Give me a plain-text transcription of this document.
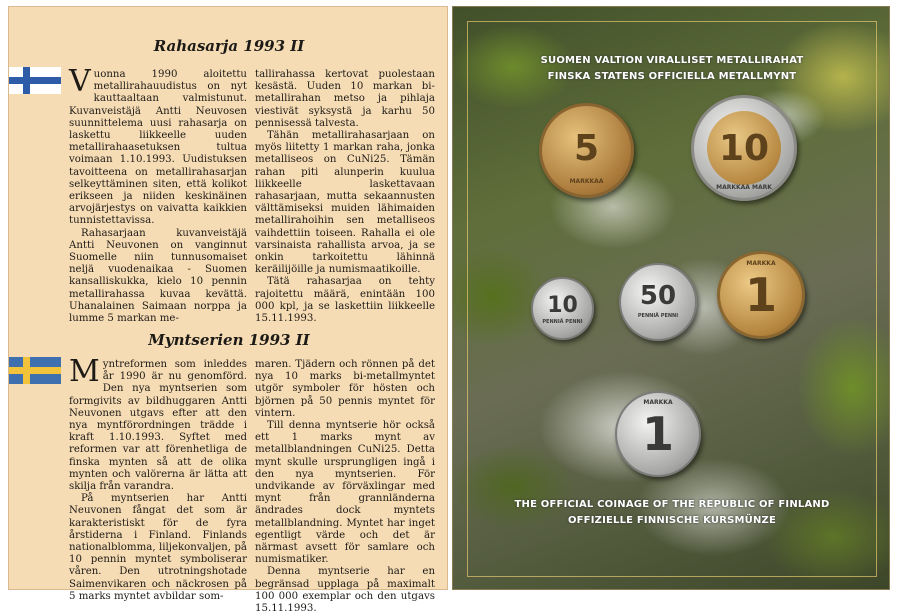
Rahasarja 1993 II

Vuonna 1990 aloitettu metallirahauudistus on nyt kauttaaltaan valmistunut. Kuvanveistäjä Antti Neuvosen suunnittelema uusi rahasarja on laskettu liikkeelle uuden metallirahaasetuksen tultua voimaan 1.10.1993. Uudistuksen tavoitteena on metallirahasarjan selkeyttäminen siten, että kolikot erikseen ja niiden keskinäinen arvojärjestys on vaivatta kaikkien tunnistettavissa.

Rahasarjaan kuvanveistäjä Antti Neuvonen on vanginnut Suomelle niin tunnusomaiset neljä vuodenaikaa - Suomen kansalliskukka, kielo 10 pennin metallirahassa kuvaa kevättä. Uhanalainen Saimaan norppa ja lumme 5 markan me-

tallirahassa kertovat puolestaan kesästä. Uuden 10 markan bi-metallirahan metso ja pihlaja viestivät syksystä ja karhu 50 pennisessä talvesta.

Tähän metallirahasarjaan on myös liitetty 1 markan raha, jonka metalliseos on CuNi25. Tämän rahan piti alunperin kuulua liikkeelle laskettavaan rahasarjaan, mutta sekaannusten välttämiseksi muiden lähimaiden metallirahoihin sen metalliseos vaihdettiin toiseen. Rahalla ei ole varsinaista rahallista arvoa, ja se onkin tarkoitettu lähinnä keräilijöille ja numismaatikoille.

Tätä rahasarjaa on tehty rajoitettu määrä, enintään 100 000 kpl, ja se laskettiin liikkeelle 15.11.1993.

Myntserien 1993 II

Myntreformen som inleddes år 1990 är nu genomförd. Den nya myntserien som formgivits av bildhuggaren Antti Neuvonen utgavs efter att den nya myntförordningen trädde i kraft 1.10.1993. Syftet med reformen var att förenhetliga de finska mynten så att de olika mynten och valörerna är lätta att skilja från varandra.

På myntserien har Antti Neuvonen fångat det som är karakteristiskt för de fyra årstiderna i Finland. Finlands nationalblomma, liljekonvaljen, på 10 pennin myntet symboliserar våren. Den utrotningshotade Saimenvikaren och näckrosen på 5 marks myntet avbildar som-

maren. Tjädern och rönnen på det nya 10 marks bi-metallmyntet utgör symboler för hösten och björnen på 50 pennis myntet för vintern.

Till denna myntserie hör också ett 1 marks mynt av metallblandningen CuNi25. Detta mynt skulle ursprungligen ingå i den nya myntserien. För undvikande av förväxlingar med mynt från grannländerna ändrades dock myntets metallblandning. Myntet har inget egentligt värde och det är närmast avsett för samlare och numismatiker.

Denna myntserie har en begränsad upplaga på maximalt 100 000 exemplar och den utgavs 15.11.1993.

SUOMEN VALTION VIRALLISET METALLIRAHAT
FINSKA STATENS OFFICIELLA METALLMYNT
5
MARKKAA
10
MARKKAA MARK
10
PENNIÄ PENNI
50
PENNIÄ PENNI
MARKKA
1
MARKKA
1
THE OFFICIAL COINAGE OF THE REPUBLIC OF FINLAND
OFFIZIELLE FINNISCHE KURSMÜNZE
